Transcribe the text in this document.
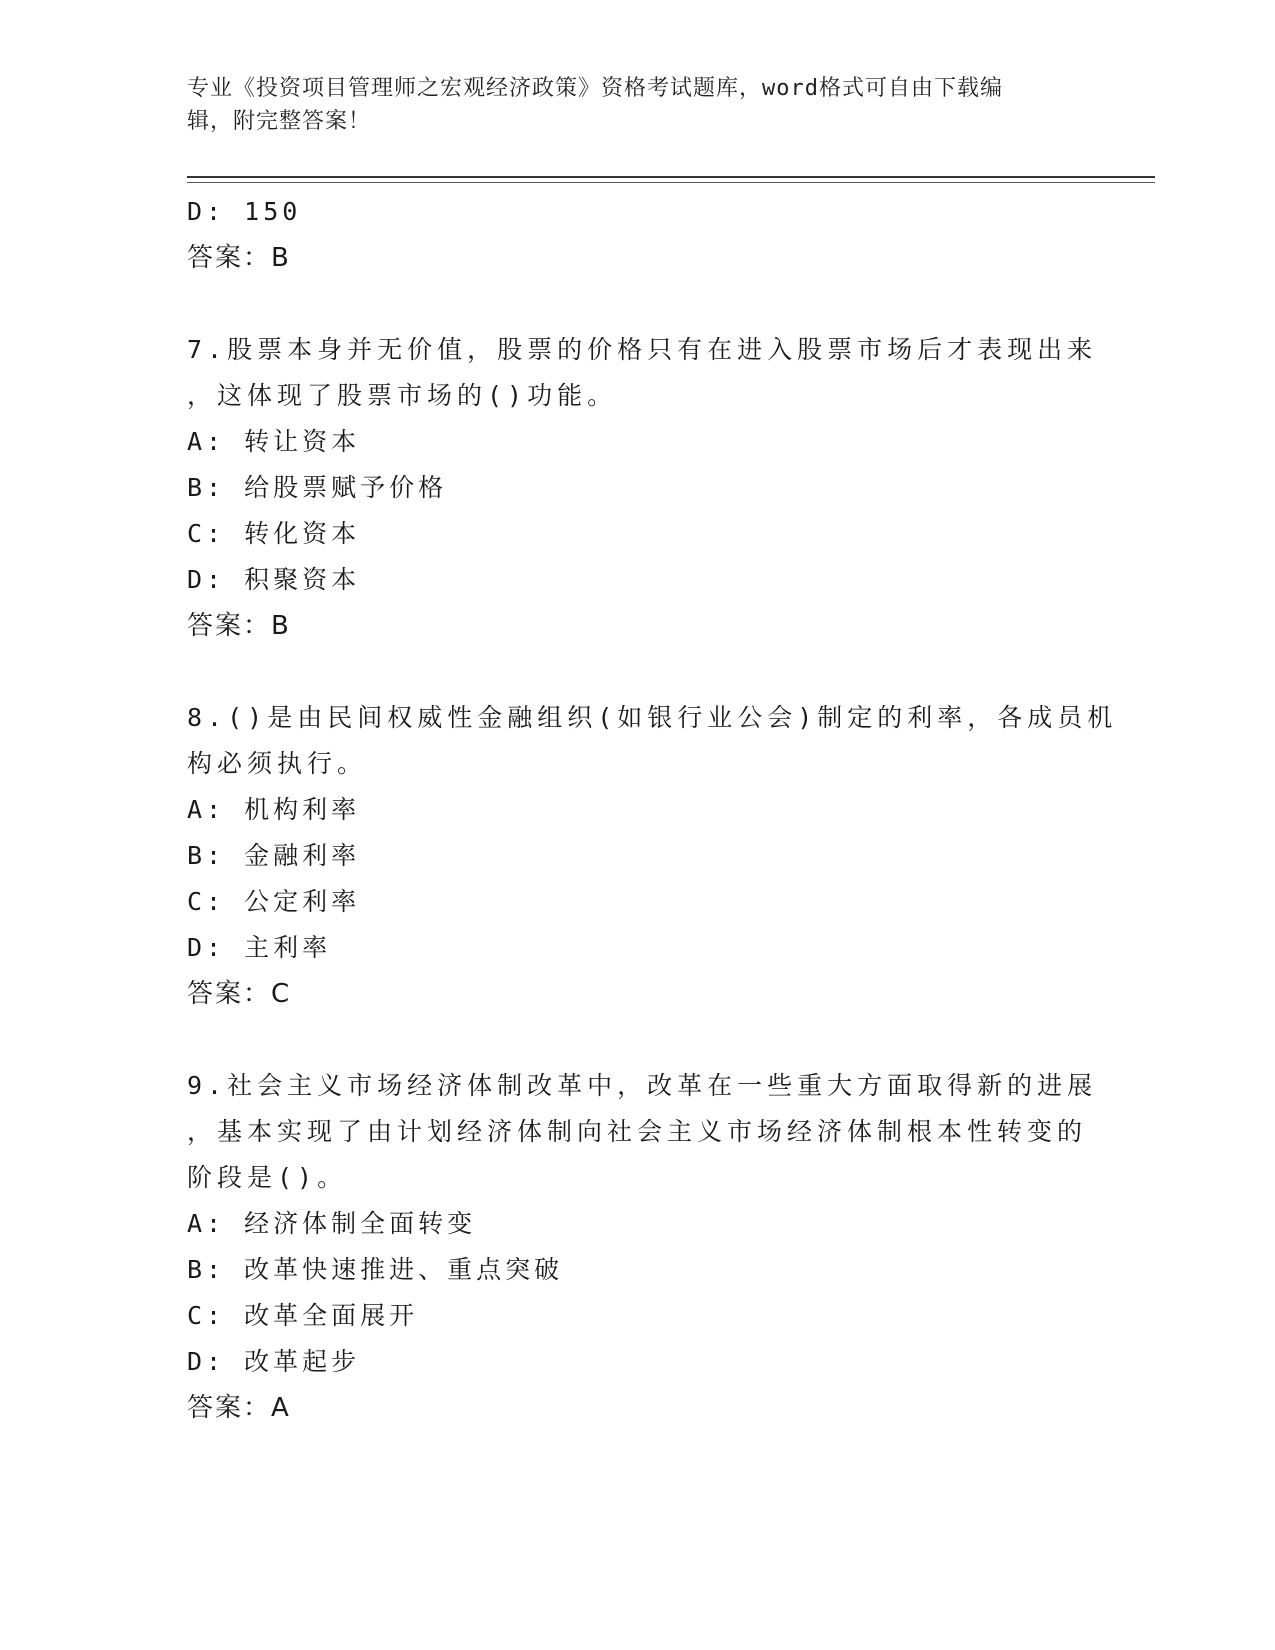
专业《投资项目管理师之宏观经济政策》资格考试题库，word格式可自由下载编
辑，附完整答案！
D: 150
答案：B
7.股票本身并无价值，股票的价格只有在进入股票市场后才表现出来
，这体现了股票市场的()功能。
A: 转让资本
B: 给股票赋予价格
C: 转化资本
D: 积聚资本
答案：B
8.()是由民间权威性金融组织(如银行业公会)制定的利率，各成员机
构必须执行。
A: 机构利率
B: 金融利率
C: 公定利率
D: 主利率
答案：C
9.社会主义市场经济体制改革中，改革在一些重大方面取得新的进展
，基本实现了由计划经济体制向社会主义市场经济体制根本性转变的
阶段是()。
A: 经济体制全面转变
B: 改革快速推进、重点突破
C: 改革全面展开
D: 改革起步
答案：A
